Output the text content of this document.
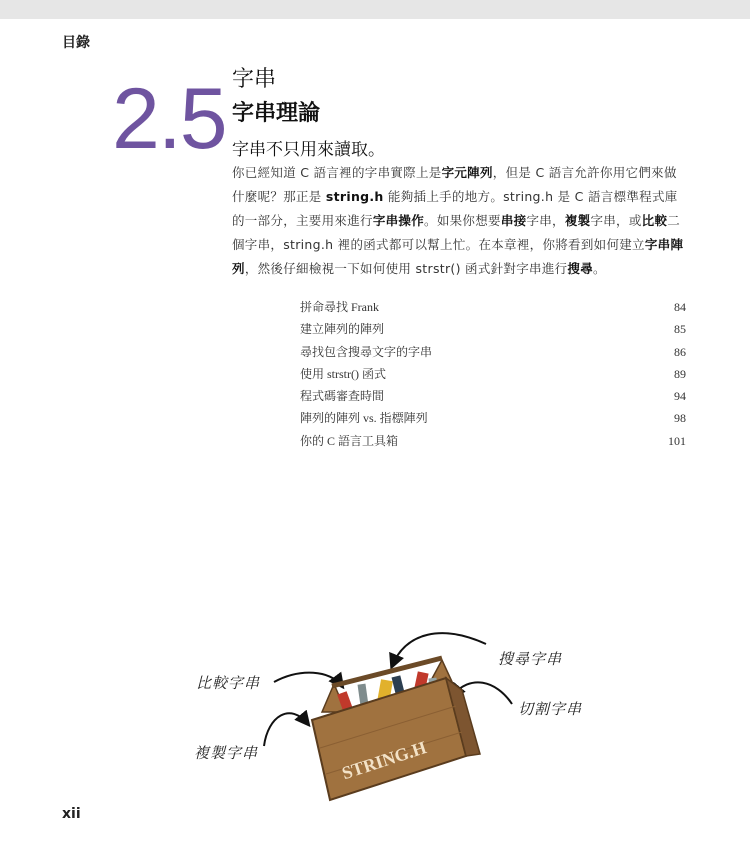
目錄
2.5 字串
字串理論
字串不只用來讀取。

你已經知道 C 語言裡的字串實際上是字元陣列，但是 C 語言允許你用它們來做什麼呢？那正是 string.h 能夠插上手的地方。string.h 是 C 語言標準程式庫的一部分，主要用來進行字串操作。如果你想要串接字串，複製字串，或比較二個字串，string.h 裡的函式都可以幫上忙。在本章裡，你將看到如何建立字串陣列，然後仔細檢視一下如何使用 strstr() 函式針對字串進行搜尋。

拼命尋找 Frank	84
建立陣列的陣列	85
尋找包含搜尋文字的字串	86
使用 strstr() 函式	89
程式碼審查時間	94
陣列的陣列 vs. 指標陣列	98
你的 C 語言工具箱	101
比較字串
複製字串
搜尋字串
切割字串
STRING.H
xii
